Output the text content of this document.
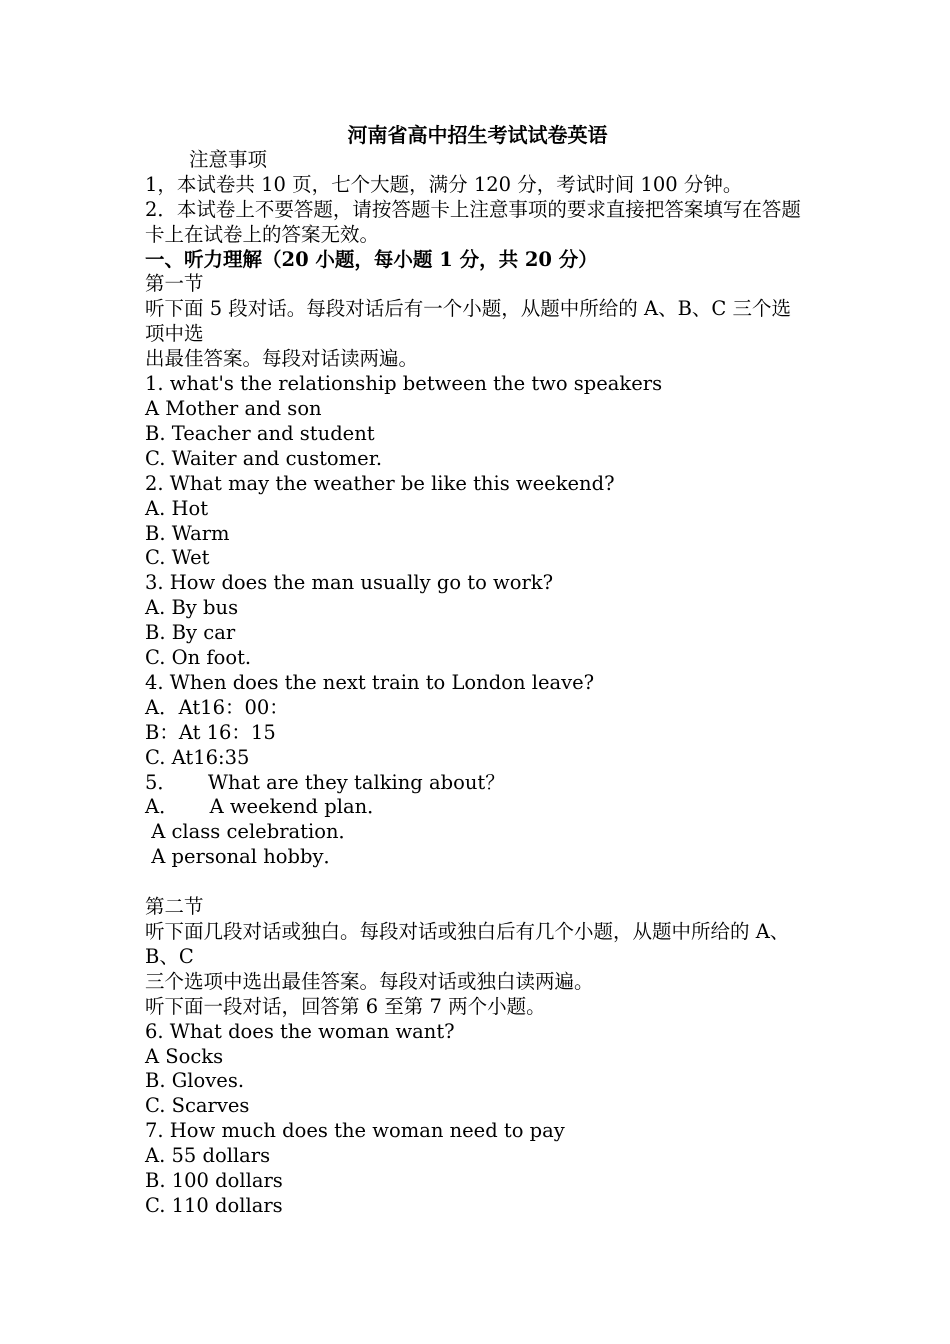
河南省高中招生考试试卷英语
注意事项
1，本试卷共 10 页，七个大题，满分 120 分，考试时间 100 分钟。
2．本试卷上不要答题，请按答题卡上注意事项的要求直接把答案填写在答题卡上在试卷上的答案无效。
一、听力理解（20 小题，每小题 1 分，共 20 分）
第一节
听下面 5 段对话。每段对话后有一个小题，从题中所给的 A、B、C 三个选项中选
出最佳答案。每段对话读两遍。
1. what's the relationship between the two speakers
A Mother and son
B. Teacher and student
C. Waiter and customer.
2. What may the weather be like this weekend?
A. Hot
B. Warm
C. Wet
3. How does the man usually go to work?
A. By bus
B. By car
C. On foot.
4. When does the next train to London leave?
A．At16：00：
B：At 16：15
C. At16:35
5．     What are they talking about？
A．     A weekend plan．
A class celebration．
A personal hobby．
第二节
听下面几段对话或独白。每段对话或独白后有几个小题，从题中所给的 A、B、C
三个选项中选出最佳答案。每段对话或独白读两遍。
听下面一段对话，回答第 6 至第 7 两个小题。
6. What does the woman want?
A Socks
B. Gloves.
C. Scarves
7. How much does the woman need to pay
A. 55 dollars
B. 100 dollars
C. 110 dollars
